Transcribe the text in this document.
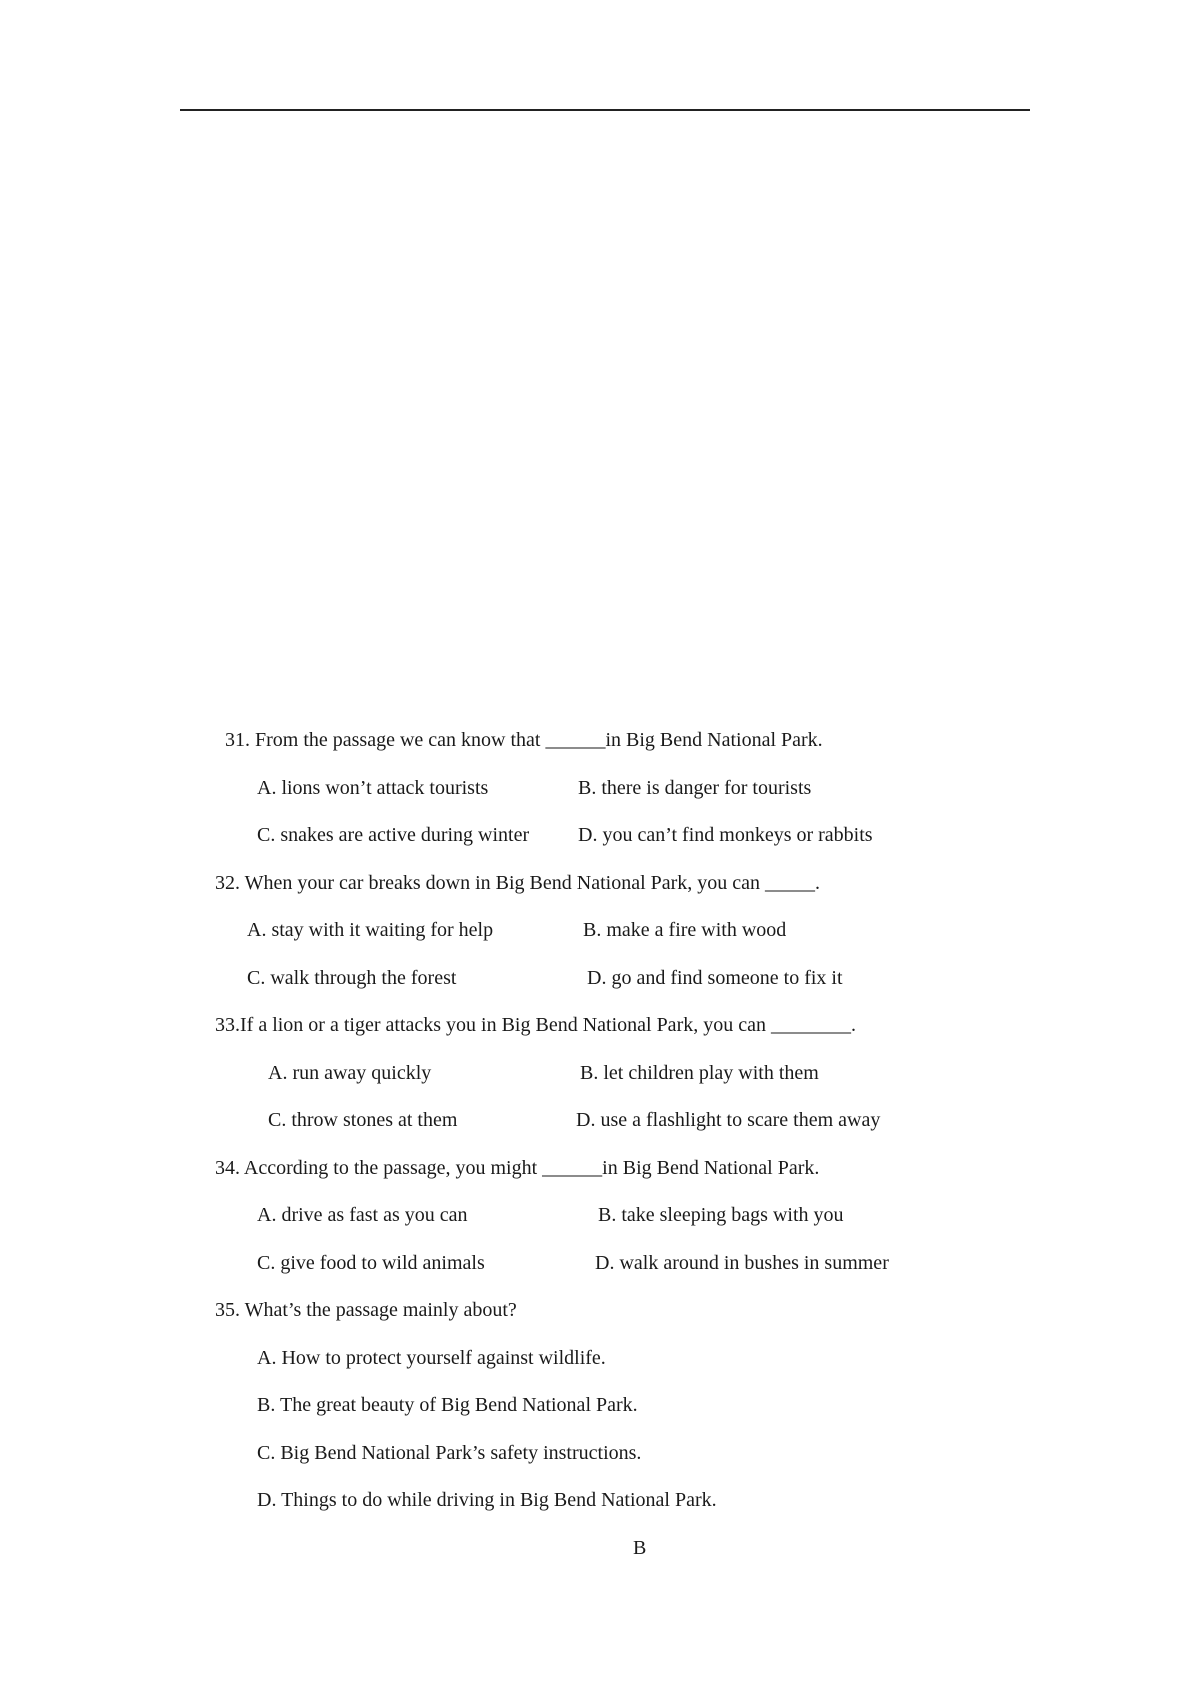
31. From the passage we can know that ______in Big Bend National Park.
A. lions won’t attack tourists	B. there is danger for tourists
C. snakes are active during winter D. you can’t find monkeys or rabbits
32. When your car breaks down in Big Bend National Park, you can _____.
A. stay with it waiting for help	B. make a fire with wood
C. walk through the forest	D. go and find someone to fix it
33.If a lion or a tiger attacks you in Big Bend National Park, you can ________.
A. run away quickly	B. let children play with them
C. throw stones at them	D. use a flashlight to scare them away
34. According to the passage, you might ______in Big Bend National Park.
A. drive as fast as you can	B. take sleeping bags with you
C. give food to wild animals	D. walk around in bushes in summer
35. What’s the passage mainly about?
A. How to protect yourself against wildlife.
B. The great beauty of Big Bend National Park.
C. Big Bend National Park’s safety instructions.
D. Things to do while driving in Big Bend National Park.
B
